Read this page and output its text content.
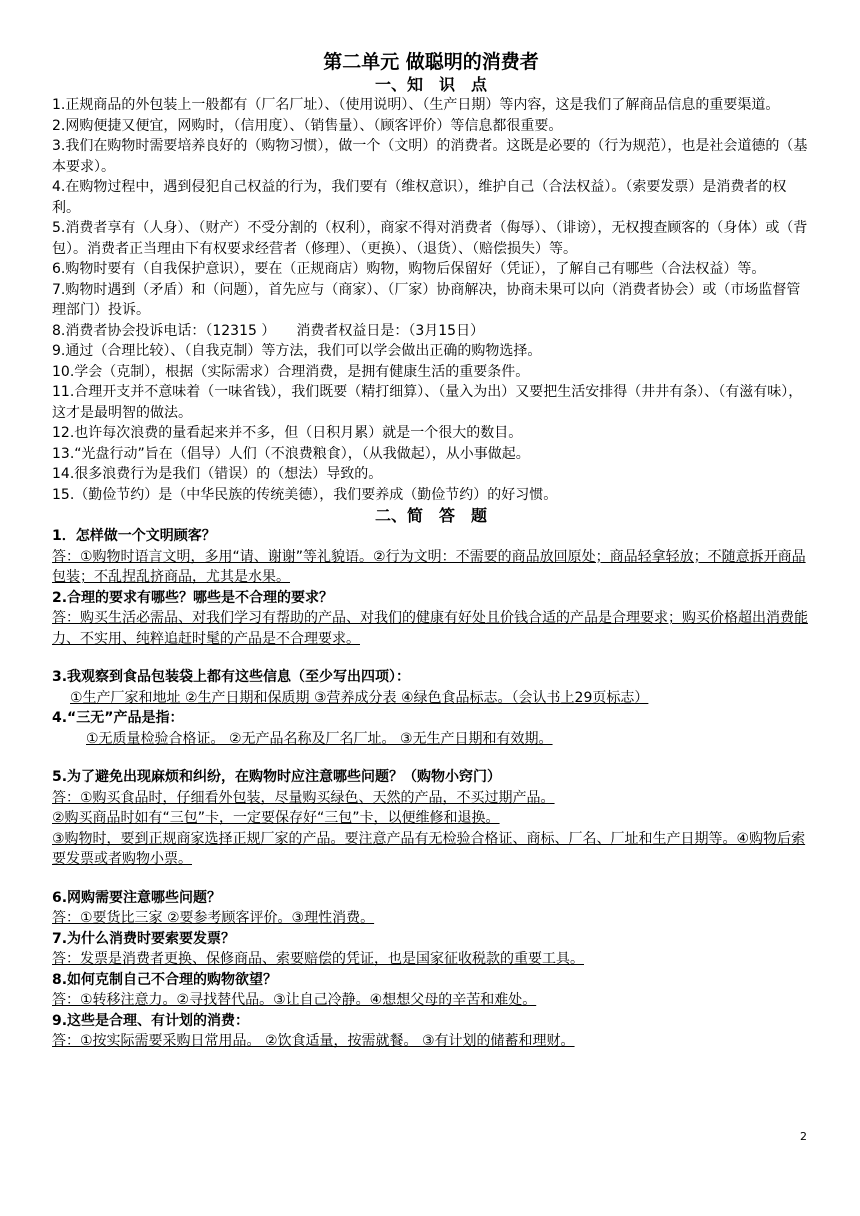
第二单元 做聪明的消费者
一、知　识　点
1.正规商品的外包装上一般都有（厂名厂址）、（使用说明）、（生产日期）等内容，这是我们了解商品信息的重要渠道。
2.网购便捷又便宜，网购时，（信用度）、（销售量）、（顾客评价）等信息都很重要。
3.我们在购物时需要培养良好的（购物习惯），做一个（文明）的消费者。这既是必要的（行为规范），也是社会道德的（基本要求）。
4.在购物过程中，遇到侵犯自己权益的行为，我们要有（维权意识），维护自己（合法权益）。（索要发票）是消费者的权利。
5.消费者享有（人身）、（财产）不受分割的（权利），商家不得对消费者（侮辱）、（诽谤），无权搜查顾客的（身体）或（背包）。消费者正当理由下有权要求经营者（修理）、（更换）、（退货）、（赔偿损失）等。
6.购物时要有（自我保护意识），要在（正规商店）购物，购物后保留好（凭证），了解自己有哪些（合法权益）等。
7.购物时遇到（矛盾）和（问题），首先应与（商家）、（厂家）协商解决，协商未果可以向（消费者协会）或（市场监督管理部门）投诉。
8.消费者协会投诉电话：（12315 ）　　消费者权益日是：（3月15日）
9.通过（合理比较）、（自我克制）等方法，我们可以学会做出正确的购物选择。
10.学会（克制），根据（实际需求）合理消费，是拥有健康生活的重要条件。
11.合理开支并不意味着（一味省钱），我们既要（精打细算）、（量入为出）又要把生活安排得（井井有条）、（有滋有味），这才是最明智的做法。
12.也许每次浪费的量看起来并不多，但（日积月累）就是一个很大的数目。
13.“光盘行动”旨在（倡导）人们（不浪费粮食），（从我做起），从小事做起。
14.很多浪费行为是我们（错误）的（想法）导致的。
15.（勤俭节约）是（中华民族的传统美德），我们要养成（勤俭节约）的好习惯。
二、简　答　题
1．怎样做一个文明顾客？
答：①购物时语言文明，多用“请、谢谢”等礼貌语。②行为文明：不需要的商品放回原处；商品轻拿轻放；不随意拆开商品包装；不乱捏乱挤商品，尤其是水果。
2.合理的要求有哪些？哪些是不合理的要求？
答：购买生活必需品、对我们学习有帮助的产品、对我们的健康有好处且价钱合适的产品是合理要求；购买价格超出消费能力、不实用、纯粹追赶时髦的产品是不合理要求。
3.我观察到食品包装袋上都有这些信息（至少写出四项）：
①生产厂家和地址 ②生产日期和保质期 ③营养成分表 ④绿色食品标志。（会认书上29页标志）
4.“三无”产品是指：
①无质量检验合格证。 ②无产品名称及厂名厂址。 ③无生产日期和有效期。
5.为了避免出现麻烦和纠纷，在购物时应注意哪些问题？（购物小窍门）
答：①购买食品时，仔细看外包装，尽量购买绿色、天然的产品，不买过期产品。
②购买商品时如有“三包”卡，一定要保存好“三包”卡，以便维修和退换。
③购物时，要到正规商家选择正规厂家的产品。要注意产品有无检验合格证、商标、厂名、厂址和生产日期等。④购物后索要发票或者购物小票。
6.网购需要注意哪些问题？
答：①要货比三家 ②要参考顾客评价。③理性消费。
7.为什么消费时要索要发票？
答：发票是消费者更换、保修商品、索要赔偿的凭证，也是国家征收税款的重要工具。
8.如何克制自己不合理的购物欲望？
答：①转移注意力。②寻找替代品。③让自己冷静。④想想父母的辛苦和难处。
9.这些是合理、有计划的消费：
答：①按实际需要采购日常用品。 ②饮食适量，按需就餐。 ③有计划的储蓄和理财。
2
